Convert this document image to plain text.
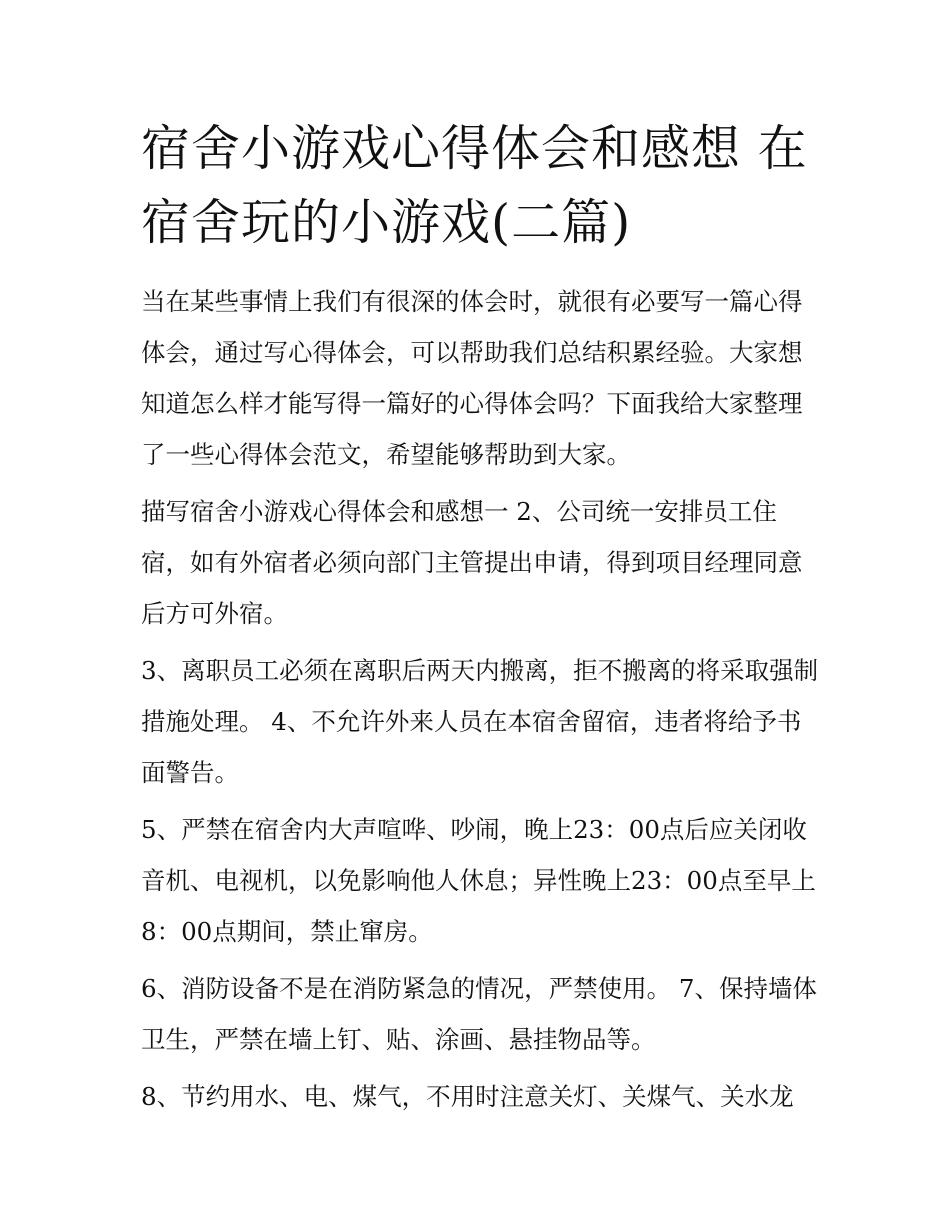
宿舍小游戏心得体会和感想 在宿舍玩的小游戏(二篇)

当在某些事情上我们有很深的体会时，就很有必要写一篇心得体会，通过写心得体会，可以帮助我们总结积累经验。大家想知道怎么样才能写得一篇好的心得体会吗？下面我给大家整理了一些心得体会范文，希望能够帮助到大家。

描写宿舍小游戏心得体会和感想一 2、公司统一安排员工住宿，如有外宿者必须向部门主管提出申请，得到项目经理同意后方可外宿。

3、离职员工必须在离职后两天内搬离，拒不搬离的将采取强制措施处理。 4、不允许外来人员在本宿舍留宿，违者将给予书面警告。

5、严禁在宿舍内大声喧哗、吵闹，晚上23：00点后应关闭收音机、电视机，以免影响他人休息；异性晚上23：00点至早上8：00点期间，禁止窜房。

6、消防设备不是在消防紧急的情况，严禁使用。 7、保持墙体卫生，严禁在墙上钉、贴、涂画、悬挂物品等。

8、节约用水、电、煤气，不用时注意关灯、关煤气、关水龙
